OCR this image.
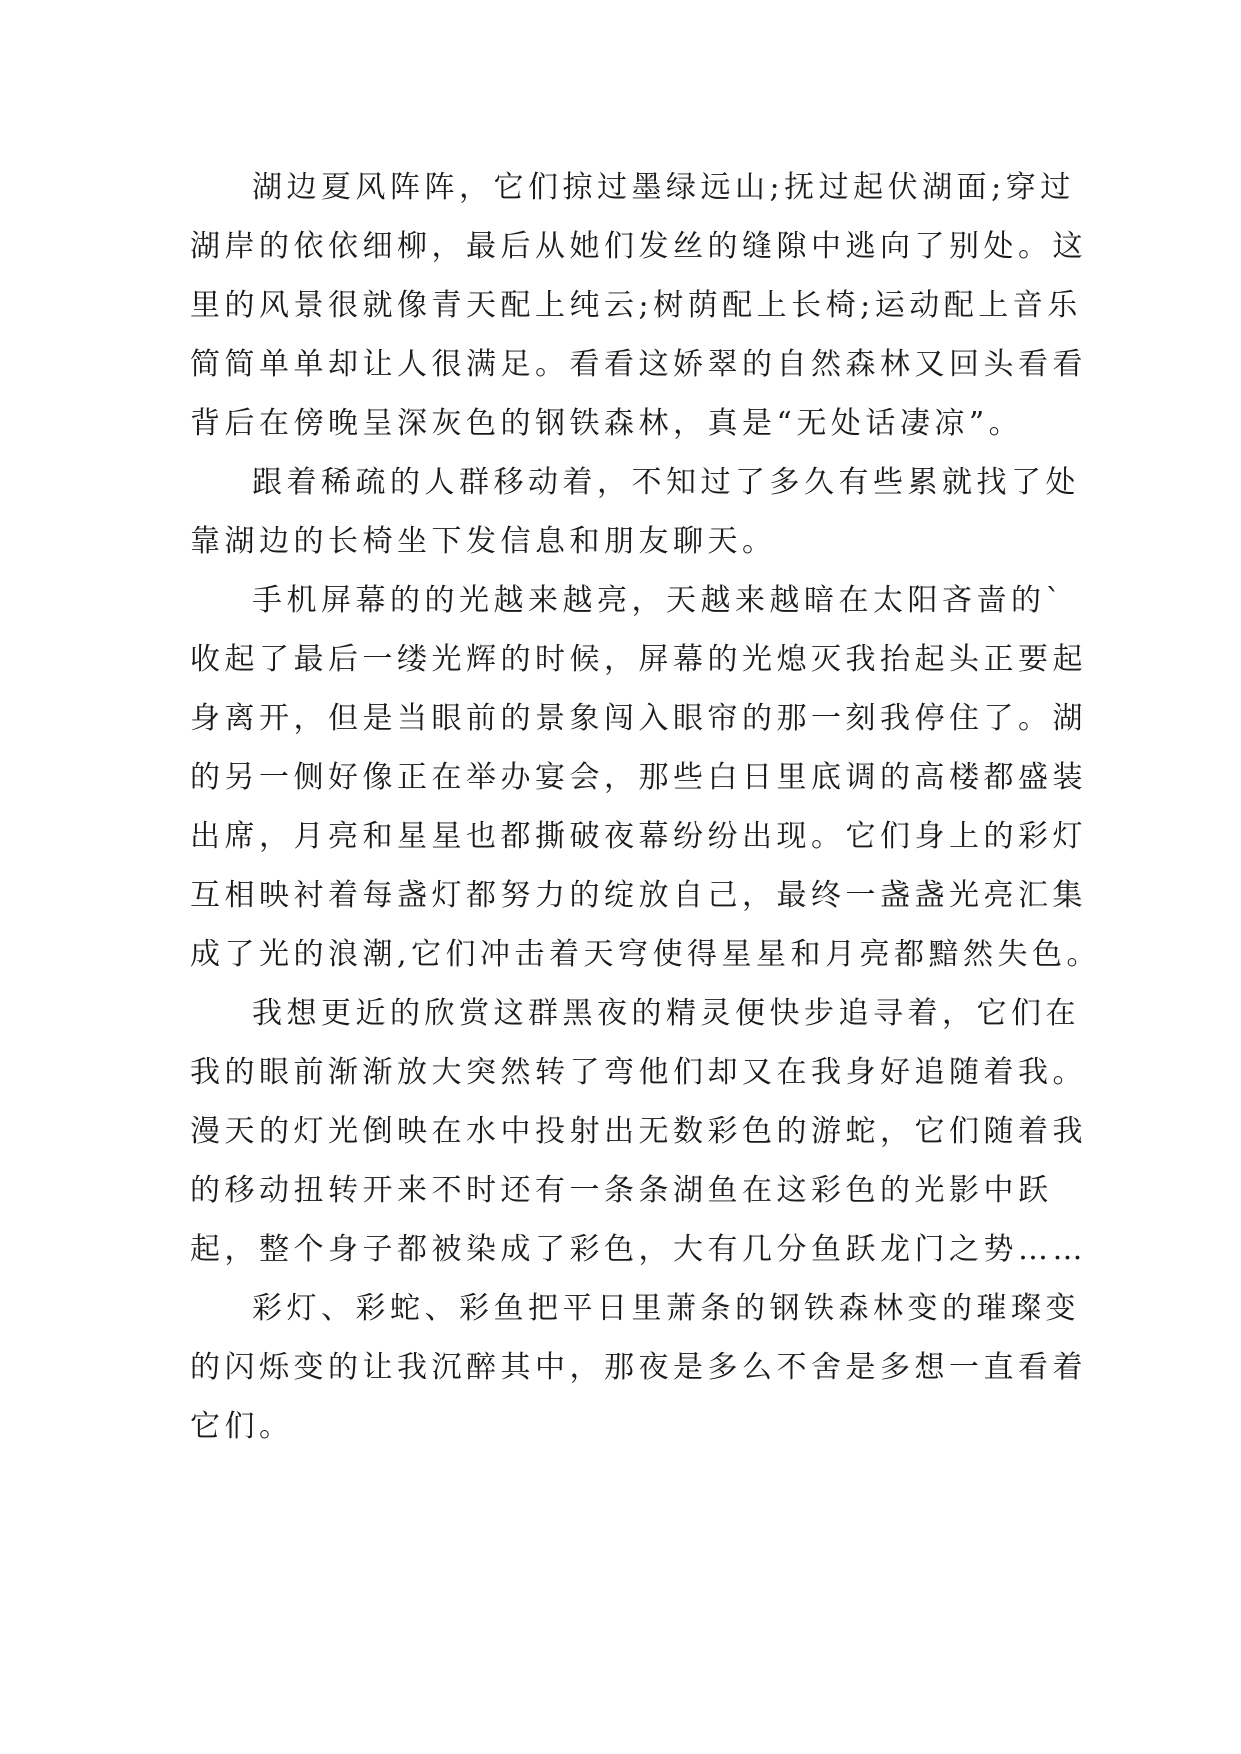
湖边夏风阵阵，它们掠过墨绿远山;抚过起伏湖面;穿过
湖岸的依依细柳，最后从她们发丝的缝隙中逃向了别处。这
里的风景很就像青天配上纯云;树荫配上长椅;运动配上音乐
简简单单却让人很满足。看看这娇翠的自然森林又回头看看
背后在傍晚呈深灰色的钢铁森林，真是“无处话凄凉”。
跟着稀疏的人群移动着，不知过了多久有些累就找了处
靠湖边的长椅坐下发信息和朋友聊天。
手机屏幕的的光越来越亮，天越来越暗在太阳吝啬的`
收起了最后一缕光辉的时候，屏幕的光熄灭我抬起头正要起
身离开，但是当眼前的景象闯入眼帘的那一刻我停住了。湖
的另一侧好像正在举办宴会，那些白日里底调的高楼都盛装
出席，月亮和星星也都撕破夜幕纷纷出现。它们身上的彩灯
互相映衬着每盏灯都努力的绽放自己，最终一盏盏光亮汇集
成了光的浪潮,它们冲击着天穹使得星星和月亮都黯然失色。
我想更近的欣赏这群黑夜的精灵便快步追寻着，它们在
我的眼前渐渐放大突然转了弯他们却又在我身好追随着我。
漫天的灯光倒映在水中投射出无数彩色的游蛇，它们随着我
的移动扭转开来不时还有一条条湖鱼在这彩色的光影中跃
起，整个身子都被染成了彩色，大有几分鱼跃龙门之势……
彩灯、彩蛇、彩鱼把平日里萧条的钢铁森林变的璀璨变
的闪烁变的让我沉醉其中，那夜是多么不舍是多想一直看着
它们。
